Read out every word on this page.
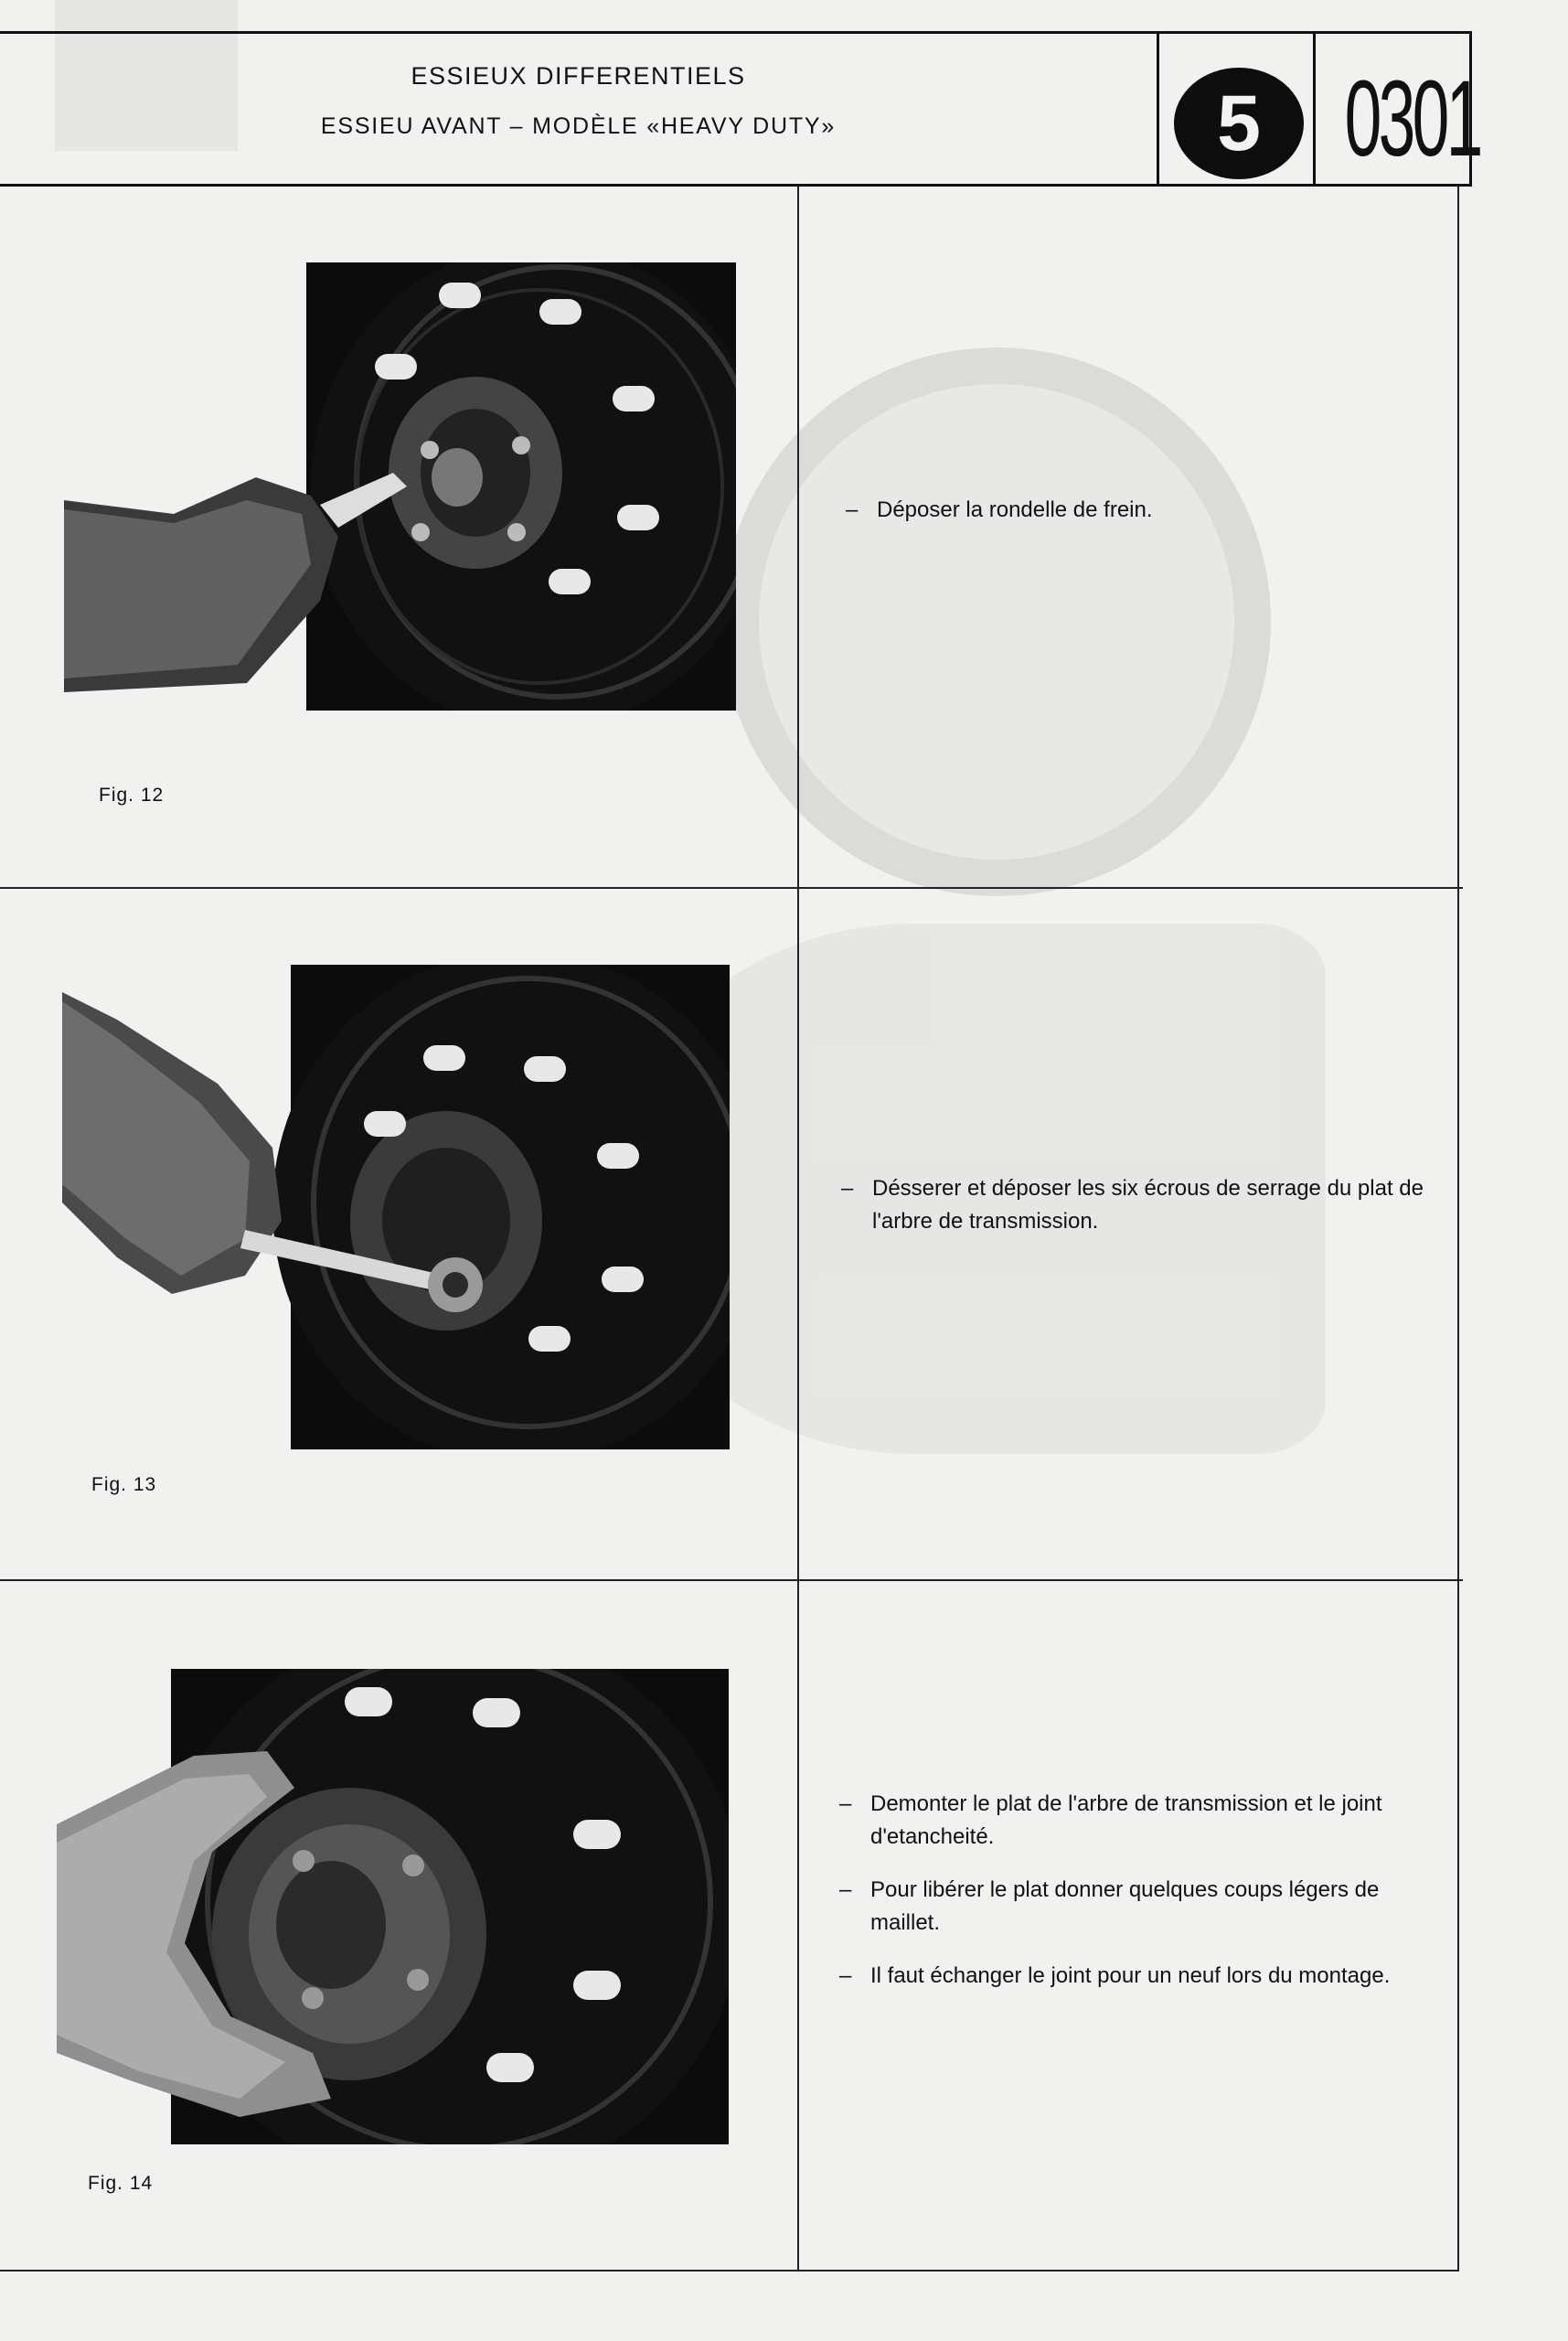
ESSIEUX DIFFERENTIELS
ESSIEU AVANT – MODÈLE «HEAVY DUTY»	5 0301
Fig. 12
– Déposer la rondelle de frein.
Fig. 13
– Désserer et déposer les six écrous de serrage du plat de l'arbre de transmission.
Fig. 14
– Demonter le plat de l'arbre de transmission et le joint d'etancheité.
– Pour libérer le plat donner quelques coups légers de maillet.
– Il faut échanger le joint pour un neuf lors du montage.
